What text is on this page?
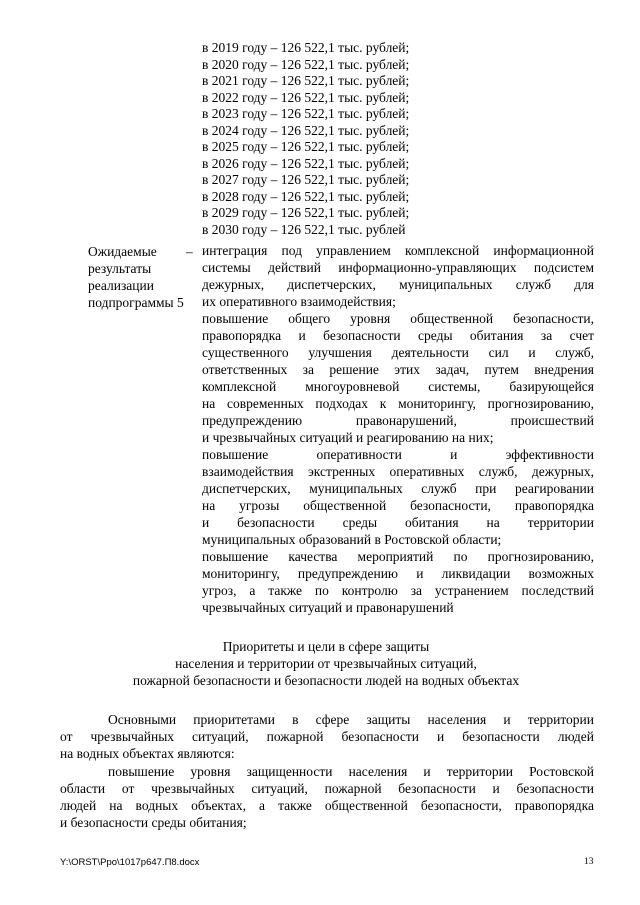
в 2019 году – 126 522,1 тыс. рублей;
в 2020 году – 126 522,1 тыс. рублей;
в 2021 году – 126 522,1 тыс. рублей;
в 2022 году – 126 522,1 тыс. рублей;
в 2023 году – 126 522,1 тыс. рублей;
в 2024 году – 126 522,1 тыс. рублей;
в 2025 году – 126 522,1 тыс. рублей;
в 2026 году – 126 522,1 тыс. рублей;
в 2027 году – 126 522,1 тыс. рублей;
в 2028 году – 126 522,1 тыс. рублей;
в 2029 году – 126 522,1 тыс. рублей;
в 2030 году – 126 522,1 тыс. рублей
Ожидаемые
результаты
реализации
подпрограммы 5
– интеграция под управлением комплексной информационной
системы действий информационно-управляющих подсистем
дежурных, диспетчерских, муниципальных служб для
их оперативного взаимодействия;
повышение общего уровня общественной безопасности,
правопорядка и безопасности среды обитания за счет
существенного улучшения деятельности сил и служб,
ответственных за решение этих задач, путем внедрения
комплексной многоуровневой системы, базирующейся
на современных подходах к мониторингу, прогнозированию,
предупреждению правонарушений, происшествий
и чрезвычайных ситуаций и реагированию на них;
повышение оперативности и эффективности
взаимодействия экстренных оперативных служб, дежурных,
диспетчерских, муниципальных служб при реагировании
на угрозы общественной безопасности, правопорядка
и безопасности среды обитания на территории
муниципальных образований в Ростовской области;
повышение качества мероприятий по прогнозированию,
мониторингу, предупреждению и ликвидации возможных
угроз, а также по контролю за устранением последствий
чрезвычайных ситуаций и правонарушений
Приоритеты и цели в сфере защиты
населения и территории от чрезвычайных ситуаций,
пожарной безопасности и безопасности людей на водных объектах
Основными приоритетами в сфере защиты населения и территории
от чрезвычайных ситуаций, пожарной безопасности и безопасности людей
на водных объектах являются:
повышение уровня защищенности населения и территории Ростовской
области от чрезвычайных ситуаций, пожарной безопасности и безопасности
людей на водных объектах, а также общественной безопасности, правопорядка
и безопасности среды обитания;
Y:\ORST\Ppo\1017p647.П8.docx	13
